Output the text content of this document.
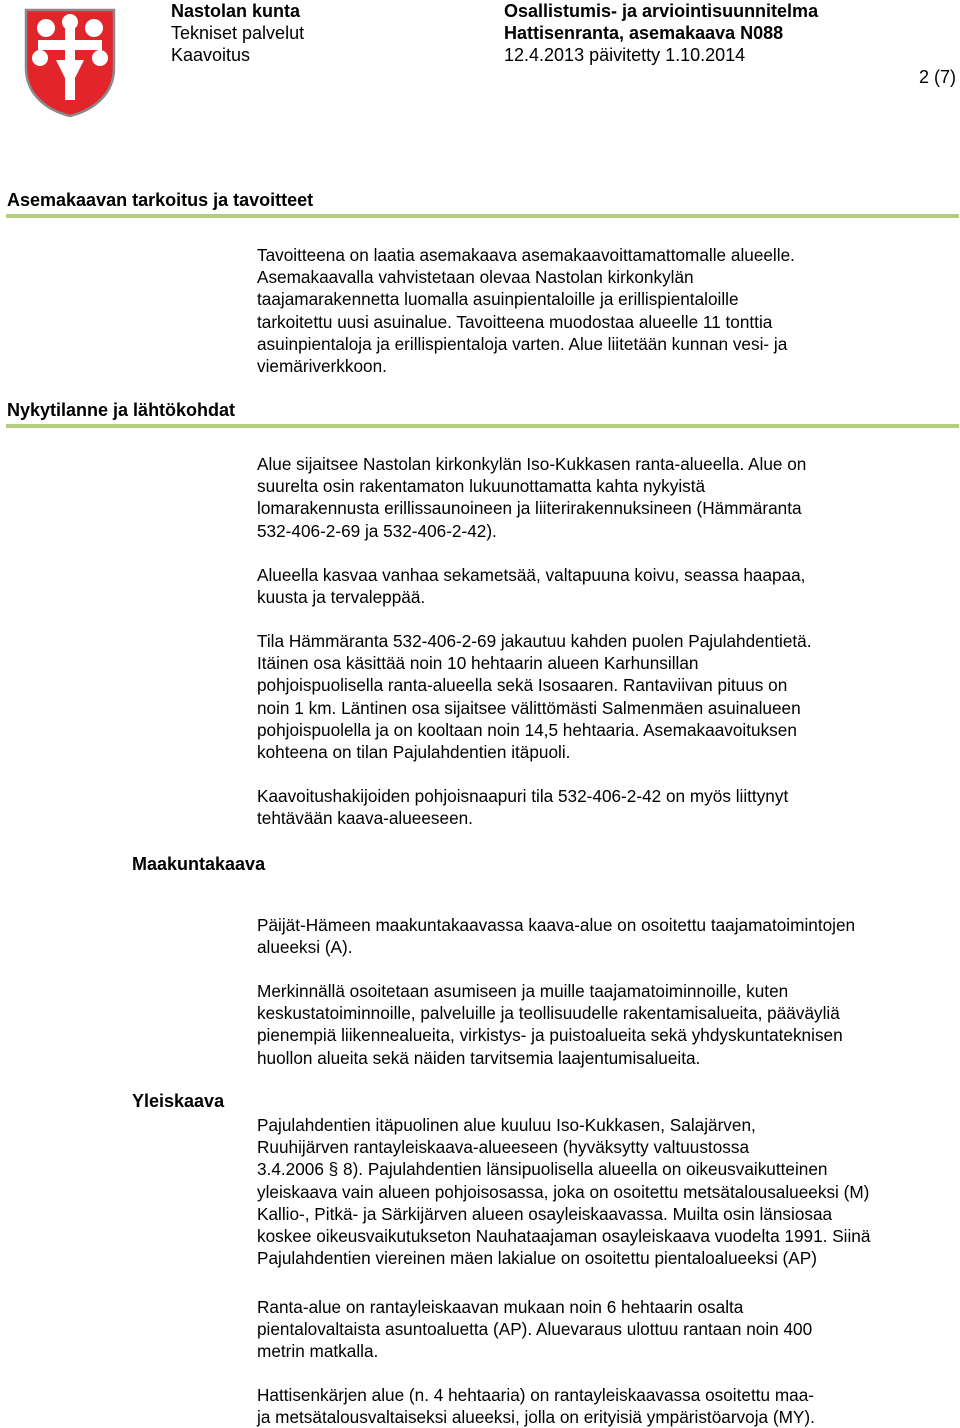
Nastolan kunta
Tekniset palvelut
Kaavoitus
Osallistumis- ja arviointisuunnitelma
Hattisenranta, asemakaava N088
12.4.2013 päivitetty 1.10.2014
2 (7)
Asemakaavan tarkoitus ja tavoitteet
Tavoitteena on laatia asemakaava asemakaavoittamattomalle alueelle.
Asemakaavalla vahvistetaan olevaa Nastolan kirkonkylän
taajamarakennetta luomalla asuinpientaloille ja erillispientaloille
tarkoitettu uusi asuinalue. Tavoitteena muodostaa alueelle 11 tonttia
asuinpientaloja ja erillispientaloja varten. Alue liitetään kunnan vesi- ja
viemäriverkkoon.
Nykytilanne ja lähtökohdat
Alue sijaitsee Nastolan kirkonkylän Iso-Kukkasen ranta-alueella. Alue on
suurelta osin rakentamaton lukuunottamatta kahta nykyistä
lomarakennusta erillissaunoineen ja liiterirakennuksineen (Hämmäranta
532-406-2-69 ja 532-406-2-42).
Alueella kasvaa vanhaa sekametsää, valtapuuna koivu, seassa haapaa,
kuusta ja tervaleppää.
Tila Hämmäranta 532-406-2-69 jakautuu kahden puolen Pajulahdentietä.
Itäinen osa käsittää noin 10 hehtaarin alueen Karhunsillan
pohjoispuolisella ranta-alueella sekä Isosaaren. Rantaviivan pituus on
noin 1 km. Läntinen osa sijaitsee välittömästi Salmenmäen asuinalueen
pohjoispuolella ja on kooltaan noin 14,5 hehtaaria. Asemakaavoituksen
kohteena on tilan Pajulahdentien itäpuoli.
Kaavoitushakijoiden pohjoisnaapuri tila 532-406-2-42 on myös liittynyt
tehtävään kaava-alueeseen.
Maakuntakaava
Päijät-Hämeen maakuntakaavassa kaava-alue on osoitettu taajamatoimintojen
alueeksi (A).
Merkinnällä osoitetaan asumiseen ja muille taajamatoiminnoille, kuten
keskustatoiminnoille, palveluille ja teollisuudelle rakentamisalueita, pääväyliä
pienempiä liikennealueita, virkistys- ja puistoalueita sekä yhdyskuntateknisen
huollon alueita sekä näiden tarvitsemia laajentumisalueita.
Yleiskaava
Pajulahdentien itäpuolinen alue kuuluu Iso-Kukkasen, Salajärven,
Ruuhijärven rantayleiskaava-alueeseen (hyväksytty valtuustossa
3.4.2006 § 8). Pajulahdentien länsipuolisella alueella on oikeusvaikutteinen
yleiskaava vain alueen pohjoisosassa, joka on osoitettu metsätalousalueeksi (M)
Kallio-, Pitkä- ja Särkijärven alueen osayleiskaavassa. Muilta osin länsiosaa
koskee oikeusvaikutukseton Nauhataajaman osayleiskaava vuodelta 1991. Siinä
Pajulahdentien viereinen mäen lakialue on osoitettu pientaloalueeksi (AP)
Ranta-alue on rantayleiskaavan mukaan noin 6 hehtaarin osalta
pientalovaltaista asuntoaluetta (AP). Aluevaraus ulottuu rantaan noin 400
metrin matkalla.
Hattisenkärjen alue (n. 4 hehtaaria) on rantayleiskaavassa osoitettu maa-
ja metsätalousvaltaiseksi alueeksi, jolla on erityisiä ympäristöarvoja (MY).
